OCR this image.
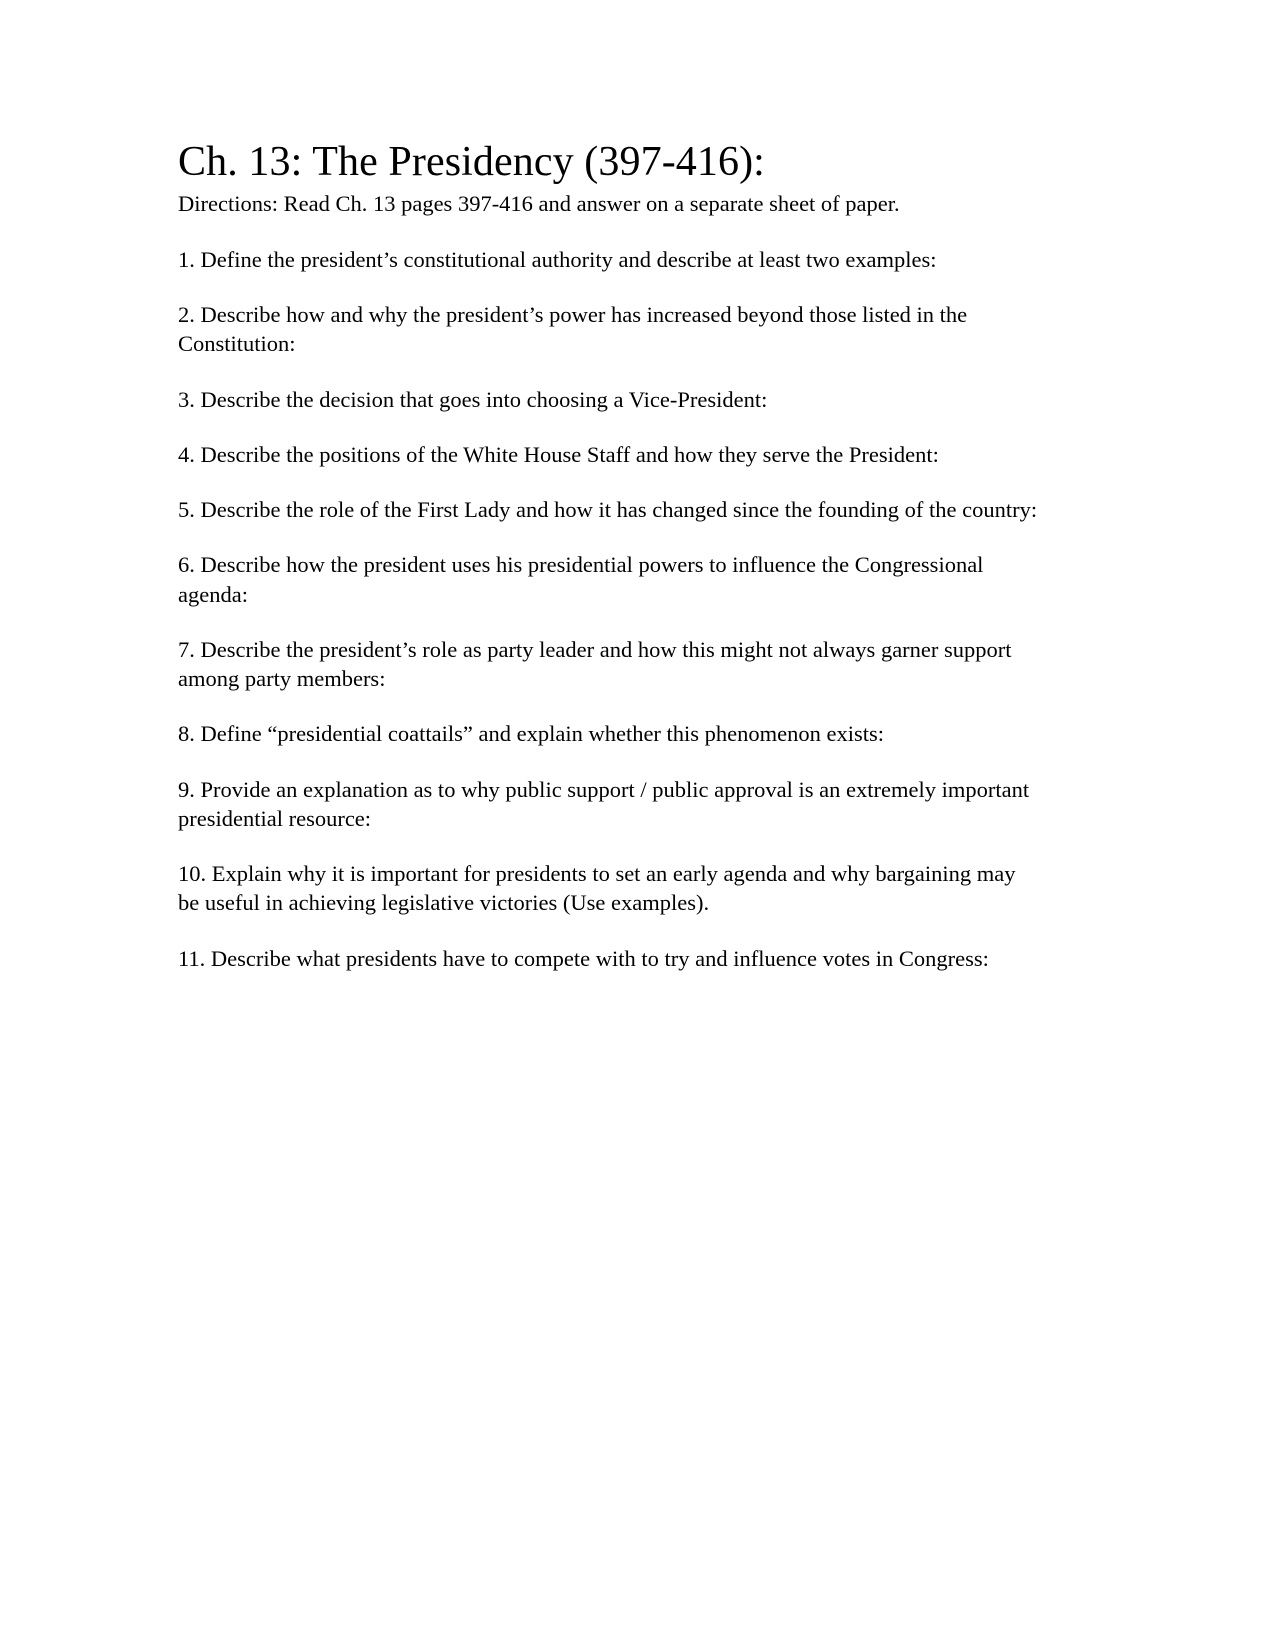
Ch. 13: The Presidency (397-416):

Directions: Read Ch. 13 pages 397-416 and answer on a separate sheet of paper.

1. Define the president’s constitutional authority and describe at least two examples:
2. Describe how and why the president’s power has increased beyond those listed in the Constitution:
3. Describe the decision that goes into choosing a Vice-President:
4. Describe the positions of the White House Staff and how they serve the President:
5. Describe the role of the First Lady and how it has changed since the founding of the country:
6. Describe how the president uses his presidential powers to influence the Congressional agenda:
7. Describe the president’s role as party leader and how this might not always garner support among party members:
8. Define “presidential coattails” and explain whether this phenomenon exists:
9. Provide an explanation as to why public support / public approval is an extremely important presidential resource:
10. Explain why it is important for presidents to set an early agenda and why bargaining may be useful in achieving legislative victories (Use examples).
11. Describe what presidents have to compete with to try and influence votes in Congress:
